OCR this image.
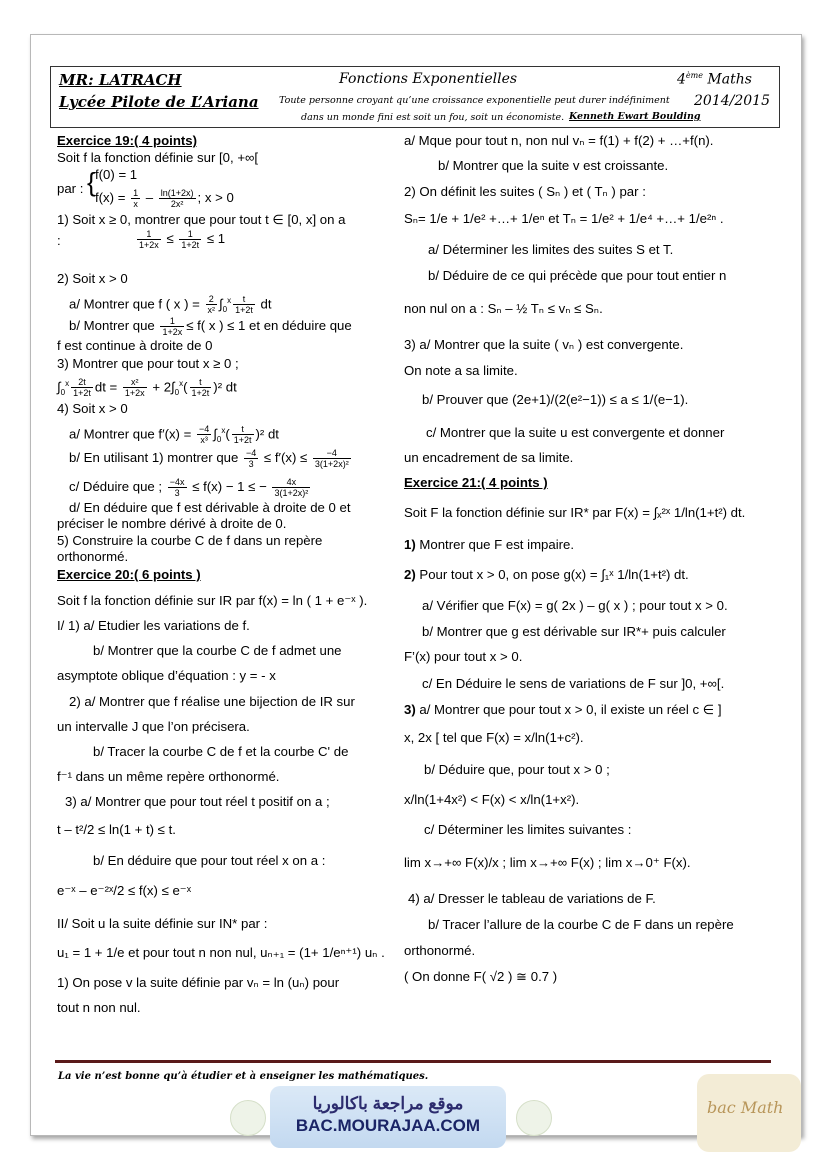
MR: LATRACH
Lycée Pilote de L’Ariana
Fonctions Exponentielles
Toute personne croyant qu’une croissance exponentielle peut durer indéfiniment
dans un monde fini est soit un fou, soit un économiste. Kenneth Ewart Boulding
4ème Maths
2014/2015
Exercice 19:( 4 points)
Soit f la fonction définie sur [0, +∞[
par : { f(0) = 1
$f(x) = \frac{1}{x} - \frac{\ln(1+2x)}{\text{2x²}}$ ; x > 0
1) Soit x ≥ 0, montrer que pour tout t ∈ [0, x] on a
:	$\frac{1}{1+2x} \le \frac{1}{1+2t} \le 1$
2) Soit x > 0
a/ Montrer que f ( x ) = $\frac{2}{\text{x²}} \int_0^x \frac{t}{1+2t}$ dt
b/ Montrer que $\frac{1}{1+2x} \le f$( x ) ≤ 1 et en déduire que
f est continue à droite de 0
3) Montrer que pour tout x ≥ 0 ;
$\int_0^x \frac{2t}{1+2t}$ dt = $\frac{\text{x²}}{1+2x} + 2\int_0^x( \frac{t}{1+2t} )^2$ dt
4) Soit x > 0
a/ Montrer que $f'(x) = \frac{-4}{\text{x³}} \int_0^x( \frac{t}{1+2t} )^2$ dt
b/ En utilisant 1) montrer que $\frac{-4}{3} \le f'(x) \le \frac{-4}{\text{3(1+2x)²}}$
c/ Déduire que ; $\frac{-4x}{3} \le f(x) - 1$ ≤ − $\frac{4x}{\text{3(1+2x)²}}$
d/ En déduire que f est dérivable à droite de 0 et
préciser le nombre dérivé à droite de 0.
5) Construire la courbe C de f dans un repère
orthonormé.
Exercice 20:( 6 points )
Soit f la fonction définie sur IR par f(x) = ln ( 1 + e⁻ˣ ).
I/ 1) a/ Etudier les variations de f.
b/ Montrer que la courbe C de f admet une
asymptote oblique d’équation : y = - x
2) a/ Montrer que f réalise une bijection de IR sur
un intervalle J que l’on précisera.
b/ Tracer la courbe C de f et la courbe C' de
f⁻¹ dans un même repère orthonormé.
3) a/ Montrer que pour tout réel t positif on a ;
t – t²/2 ≤ ln(1 + t) ≤ t.
b/ En déduire que pour tout réel x on a :
e⁻ˣ – e⁻²ˣ/2 ≤ f(x) ≤ e⁻ˣ
II/ Soit u la suite définie sur IN* par :
u₁ = 1 + 1/e et pour tout n non nul, uₙ₊₁ = (1+ 1/eⁿ⁺¹) uₙ .
1) On pose v la suite définie par vₙ = ln (uₙ) pour
tout n non nul.
a/ Mque pour tout n, non nul vₙ = f(1) + f(2) + …+f(n).
b/ Montrer que la suite v est croissante.
2) On définit les suites ( Sₙ ) et ( Tₙ ) par :
Sₙ= 1/e + 1/e² +…+ 1/eⁿ et Tₙ = 1/e² + 1/e⁴ +…+ 1/e²ⁿ .
a/ Déterminer les limites des suites S et T.
b/ Déduire de ce qui précède que pour tout entier n
non nul on a : Sₙ – ½ Tₙ ≤ vₙ ≤ Sₙ.
3) a/ Montrer que la suite ( vₙ ) est convergente.
On note a sa limite.
b/ Prouver que (2e+1)/(2(e²−1)) ≤ a ≤ 1/(e−1).
c/ Montrer que la suite u est convergente et donner
un encadrement de sa limite.
Exercice 21:( 4 points )
Soit F la fonction définie sur IR* par F(x) = ∫ₓ²ˣ 1/ln(1+t²) dt.
1) Montrer que F est impaire.
2) Pour tout x > 0, on pose g(x) = ∫₁ˣ 1/ln(1+t²) dt.
a/ Vérifier que F(x) = g( 2x ) – g( x ) ; pour tout x > 0.
b/ Montrer que g est dérivable sur IR*+ puis calculer
F’(x) pour tout x > 0.
c/ En Déduire le sens de variations de F sur ]0, +∞[.
3) a/ Montrer que pour tout x > 0, il existe un réel c ∈ ]
x, 2x [ tel que F(x) = x/ln(1+c²).
b/ Déduire que, pour tout x > 0 ;
x/ln(1+4x²) < F(x) < x/ln(1+x²).
c/ Déterminer les limites suivantes :
lim x→+∞ F(x)/x ; lim x→+∞ F(x) ; lim x→0⁺ F(x).
4) a/ Dresser le tableau de variations de F.
b/ Tracer l’allure de la courbe C de F dans un repère
orthonormé.
( On donne F( √2 ) ≅ 0.7 )
La vie n’est bonne qu’à étudier et à enseigner les mathématiques.
موقع مراجعة باكالوريا
BAC.MOURAJAA.COM
bac Math
